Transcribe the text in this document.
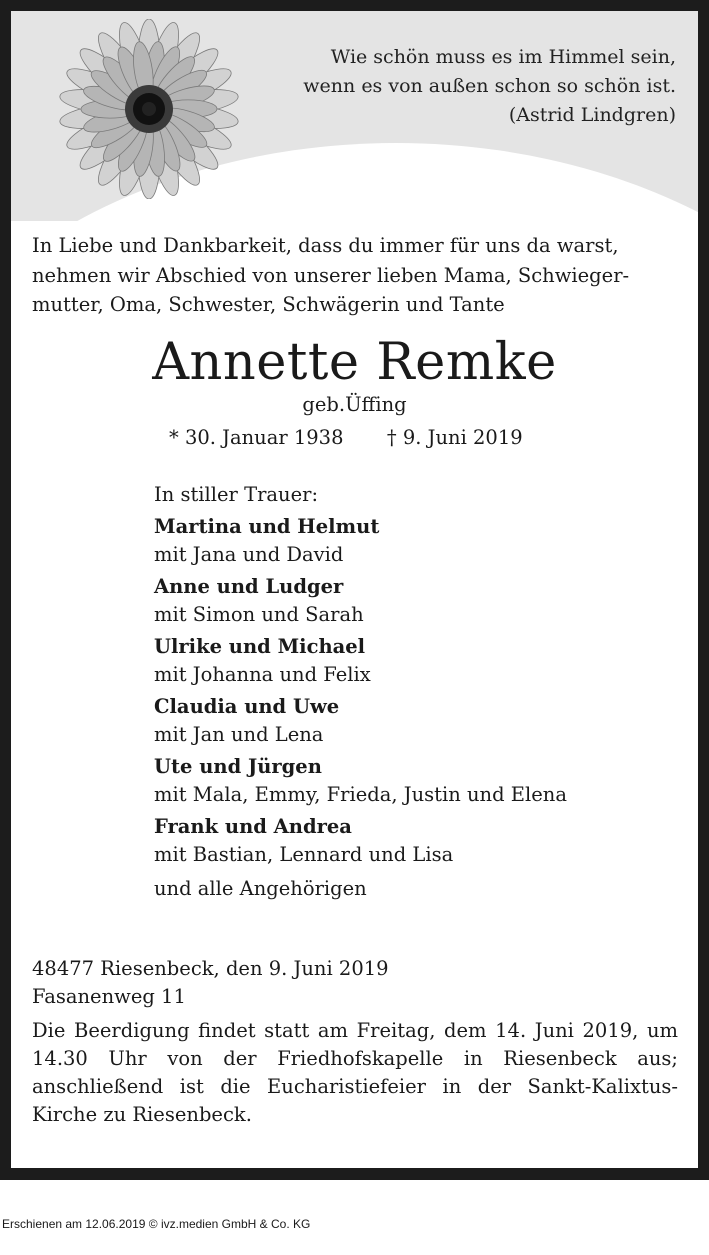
Wie schön muss es im Himmel sein,
wenn es von außen schon so schön ist.
(Astrid Lindgren)
In Liebe und Dankbarkeit, dass du immer für uns da warst,
nehmen wir Abschied von unserer lieben Mama, Schwieger-
mutter, Oma, Schwester, Schwägerin und Tante
Annette Remke
geb.Üffing
* 30. Januar 1938 † 9. Juni 2019
In stiller Trauer:
Martina und Helmut
mit Jana und David
Anne und Ludger
mit Simon und Sarah
Ulrike und Michael
mit Johanna und Felix
Claudia und Uwe
mit Jan und Lena
Ute und Jürgen
mit Mala, Emmy, Frieda, Justin und Elena
Frank und Andrea
mit Bastian, Lennard und Lisa
und alle Angehörigen
48477 Riesenbeck, den 9. Juni 2019
Fasanenweg 11
Die Beerdigung findet statt am Freitag, dem 14. Juni 2019, um 14.30 Uhr von der Friedhofskapelle in Riesenbeck aus; anschließend ist die Eucharistiefeier in der Sankt-Kalixtus-Kirche zu Riesenbeck.
Erschienen am 12.06.2019 © ivz.medien GmbH & Co. KG
